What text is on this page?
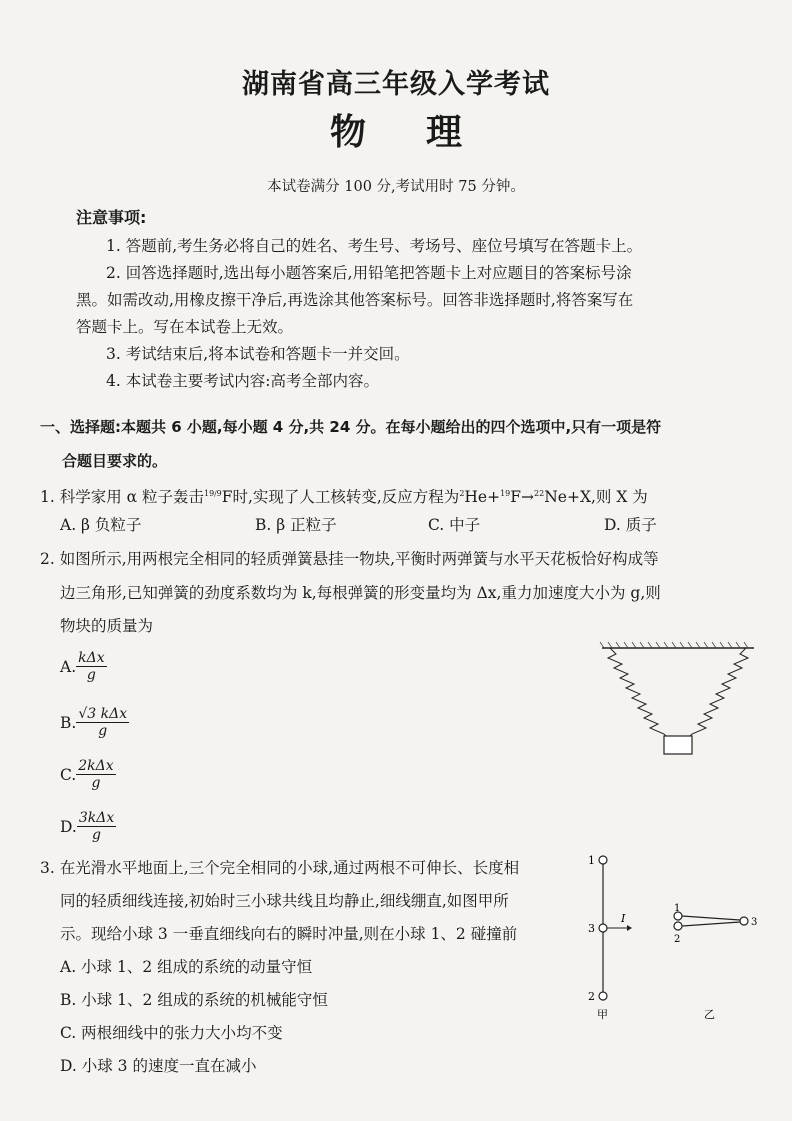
湖南省高三年级入学考试
物理
本试卷满分 100 分,考试用时 75 分钟。
注意事项:
1. 答题前,考生务必将自己的姓名、考生号、考场号、座位号填写在答题卡上。
2. 回答选择题时,选出每小题答案后,用铅笔把答题卡上对应题目的答案标号涂
黑。如需改动,用橡皮擦干净后,再选涂其他答案标号。回答非选择题时,将答案写在
答题卡上。写在本试卷上无效。
3. 考试结束后,将本试卷和答题卡一并交回。
4. 本试卷主要考试内容:高考全部内容。
一、选择题:本题共 6 小题,每小题 4 分,共 24 分。在每小题给出的四个选项中,只有一项是符
合题目要求的。
1. 科学家用 α 粒子轰击$^{19/9}$F时,实现了人工核转变,反应方程为$^2$He+$^{19}$F→$^{22}$Ne+X,则 X 为
A. β 负粒子	B. β 正粒子	C. 中子	D. 质子
2. 如图所示,用两根完全相同的轻质弹簧悬挂一物块,平衡时两弹簧与水平天花板恰好构成等
边三角形,已知弹簧的劲度系数均为 k,每根弹簧的形变量均为 Δx,重力加速度大小为 g,则
物块的质量为
A. $\frac{\text{kΔx}}{g}$
B. $\frac{\text{√3 kΔx}}{g}$
C. $\frac{\text{2kΔx}}{g}$
D. $\frac{\text{3kΔx}}{g}$
3. 在光滑水平地面上,三个完全相同的小球,通过两根不可伸长、长度相
同的轻质细线连接,初始时三小球共线且均静止,细线绷直,如图甲所
示。现给小球 3 一垂直细线向右的瞬时冲量,则在小球 1、2 碰撞前
A. 小球 1、2 组成的系统的动量守恒
B. 小球 1、2 组成的系统的机械能守恒
C. 两根细线中的张力大小均不变
D. 小球 3 的速度一直在减小
1
3
2
I
甲
1
2
3
乙
